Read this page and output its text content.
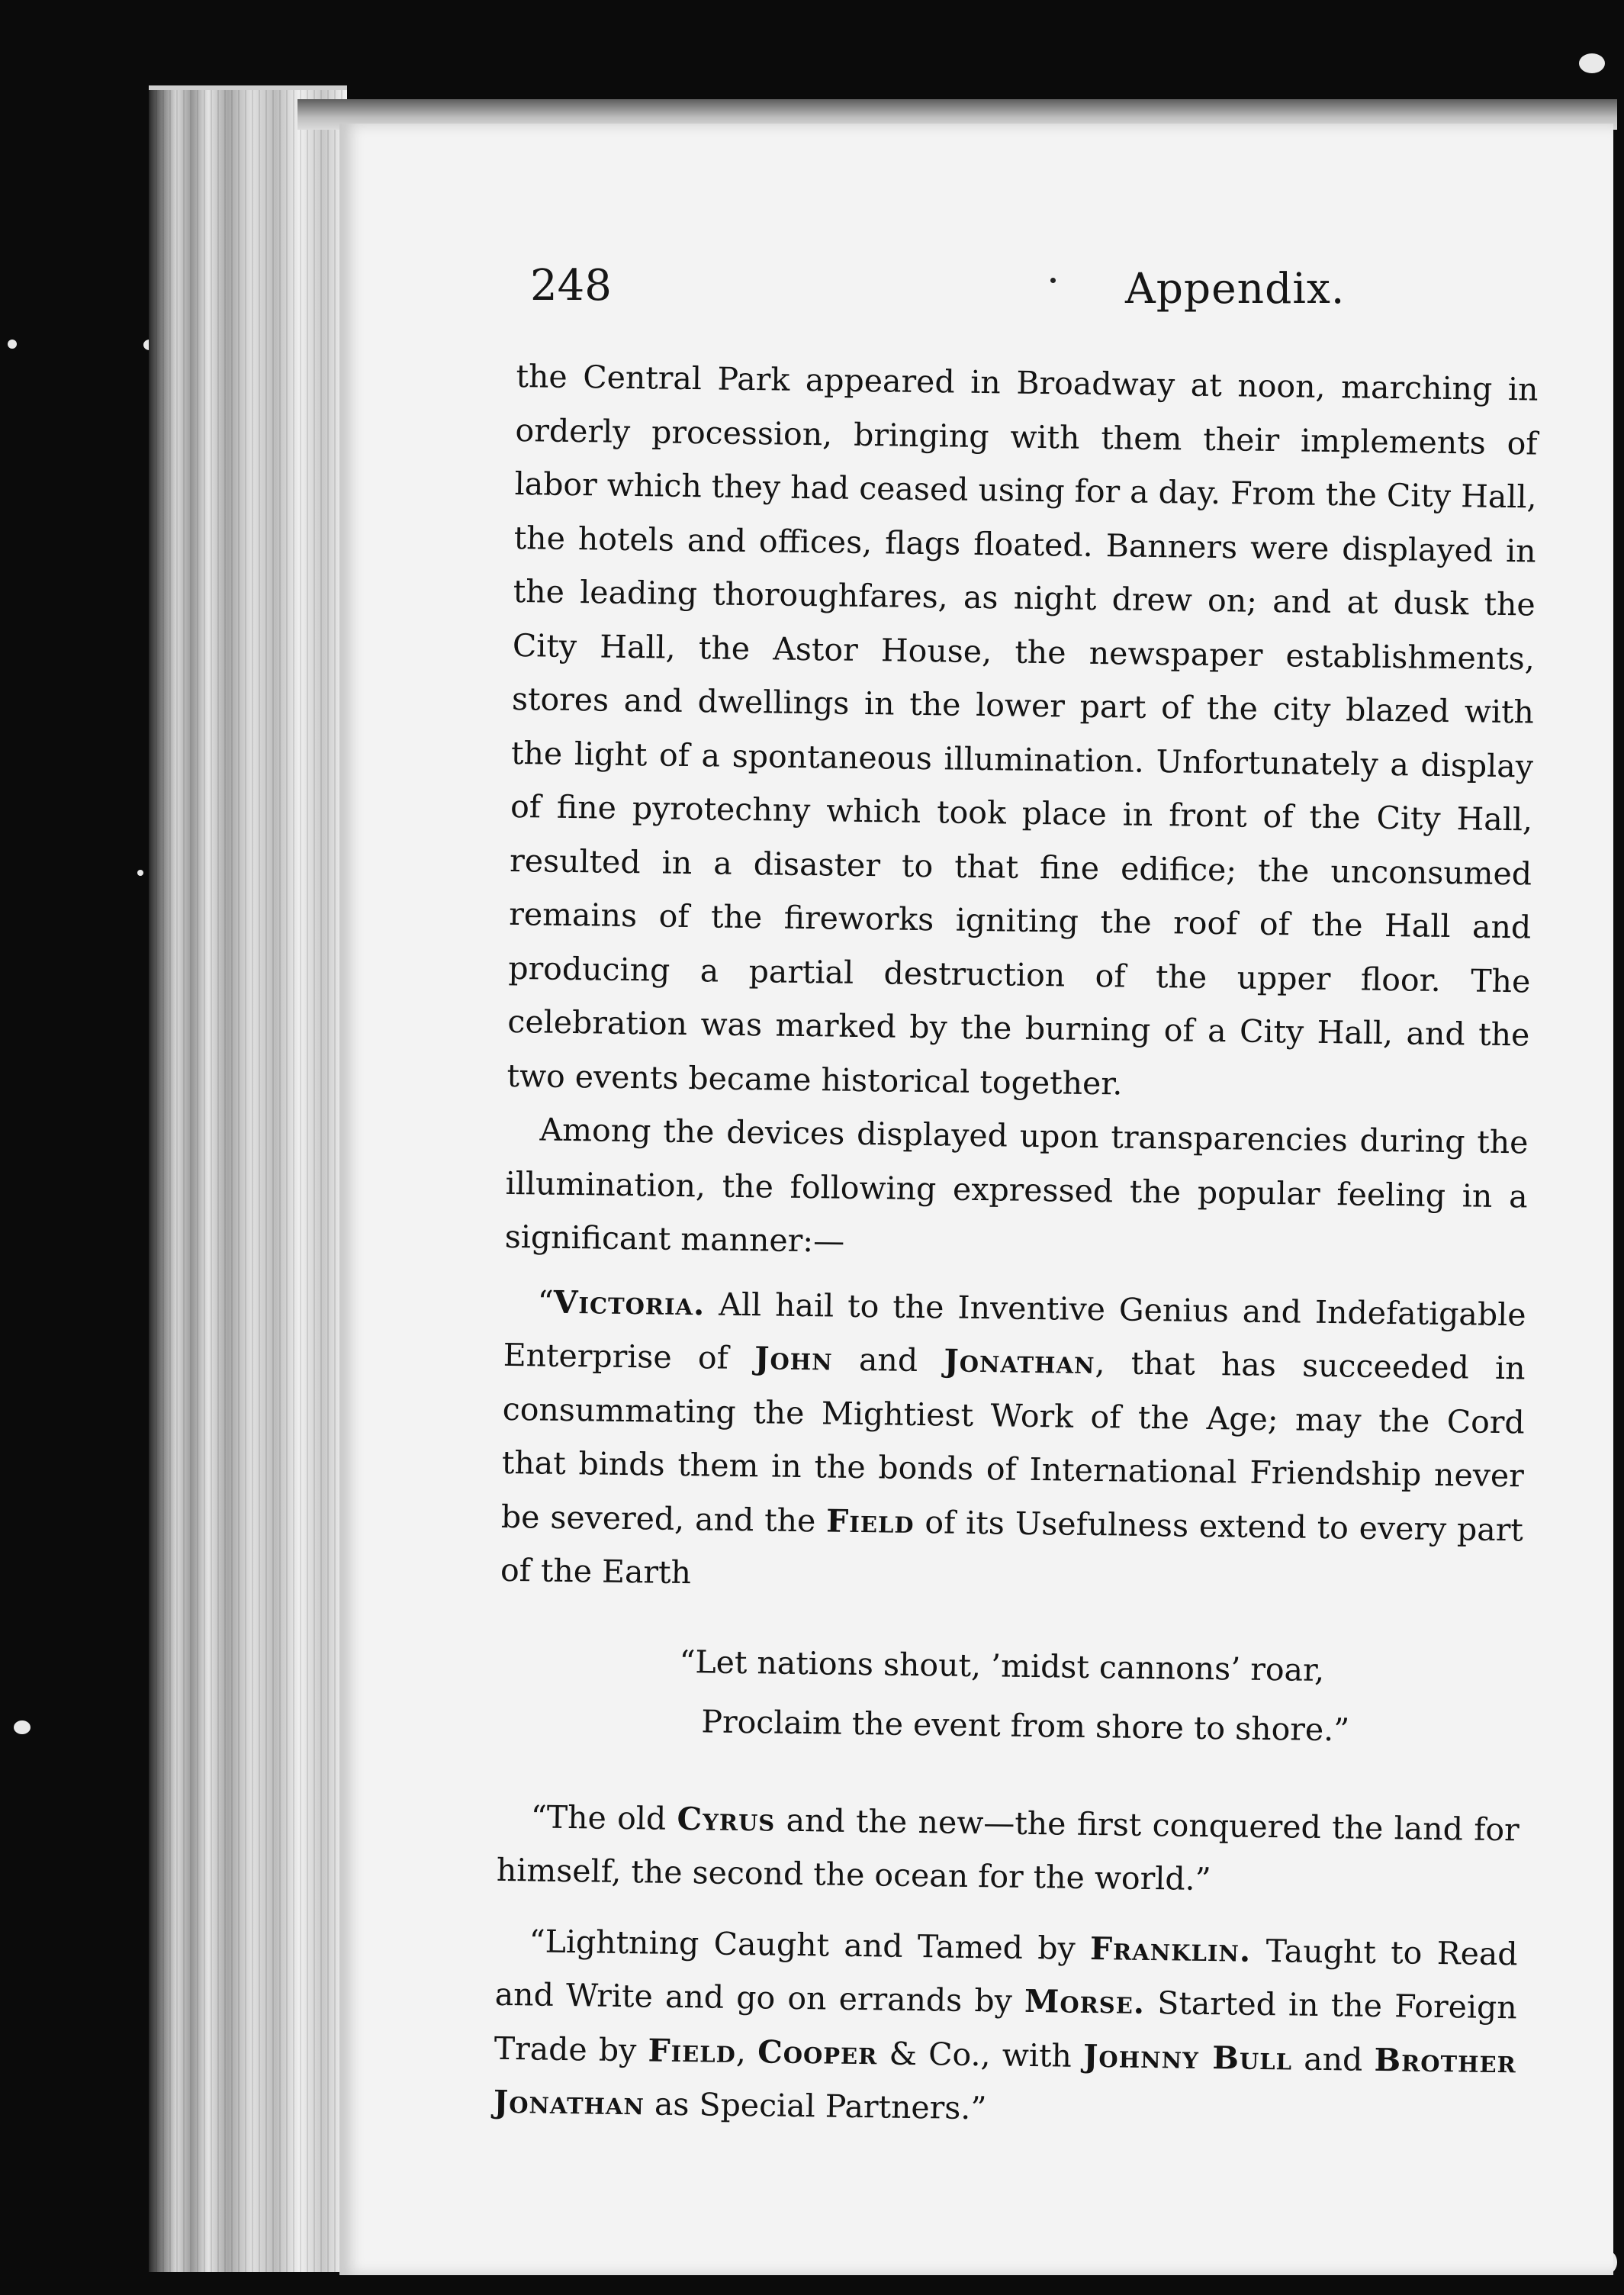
248	Appendix.

the Central Park appeared in Broadway at noon, marching in orderly procession, bringing with them their implements of labor which they had ceased using for a day. From the City Hall, the hotels and offices, flags floated. Banners were displayed in the leading thoroughfares, as night drew on; and at dusk the City Hall, the Astor House, the newspaper establishments, stores and dwellings in the lower part of the city blazed with the light of a spontaneous illumination. Unfortunately a display of fine pyrotechny which took place in front of the City Hall, resulted in a disaster to that fine edifice; the unconsumed remains of the fireworks igniting the roof of the Hall and producing a partial destruction of the upper floor. The celebration was marked by the burning of a City Hall, and the two events became historical together.

Among the devices displayed upon transparencies during the illumination, the following expressed the popular feeling in a significant manner:—

“Victoria. All hail to the Inventive Genius and Indefatigable Enterprise of John and Jonathan, that has succeeded in consummating the Mightiest Work of the Age; may the Cord that binds them in the bonds of International Friendship never be severed, and the Field of its Usefulness extend to every part of the Earth

“Let nations shout, ’midst cannons’ roar,
Proclaim the event from shore to shore.”

“The old Cyrus and the new—the first conquered the land for himself, the second the ocean for the world.”

“Lightning Caught and Tamed by Franklin. Taught to Read and Write and go on errands by Morse. Started in the Foreign Trade by Field, Cooper & Co., with Johnny Bull and Brother Jonathan as Special Partners.”
